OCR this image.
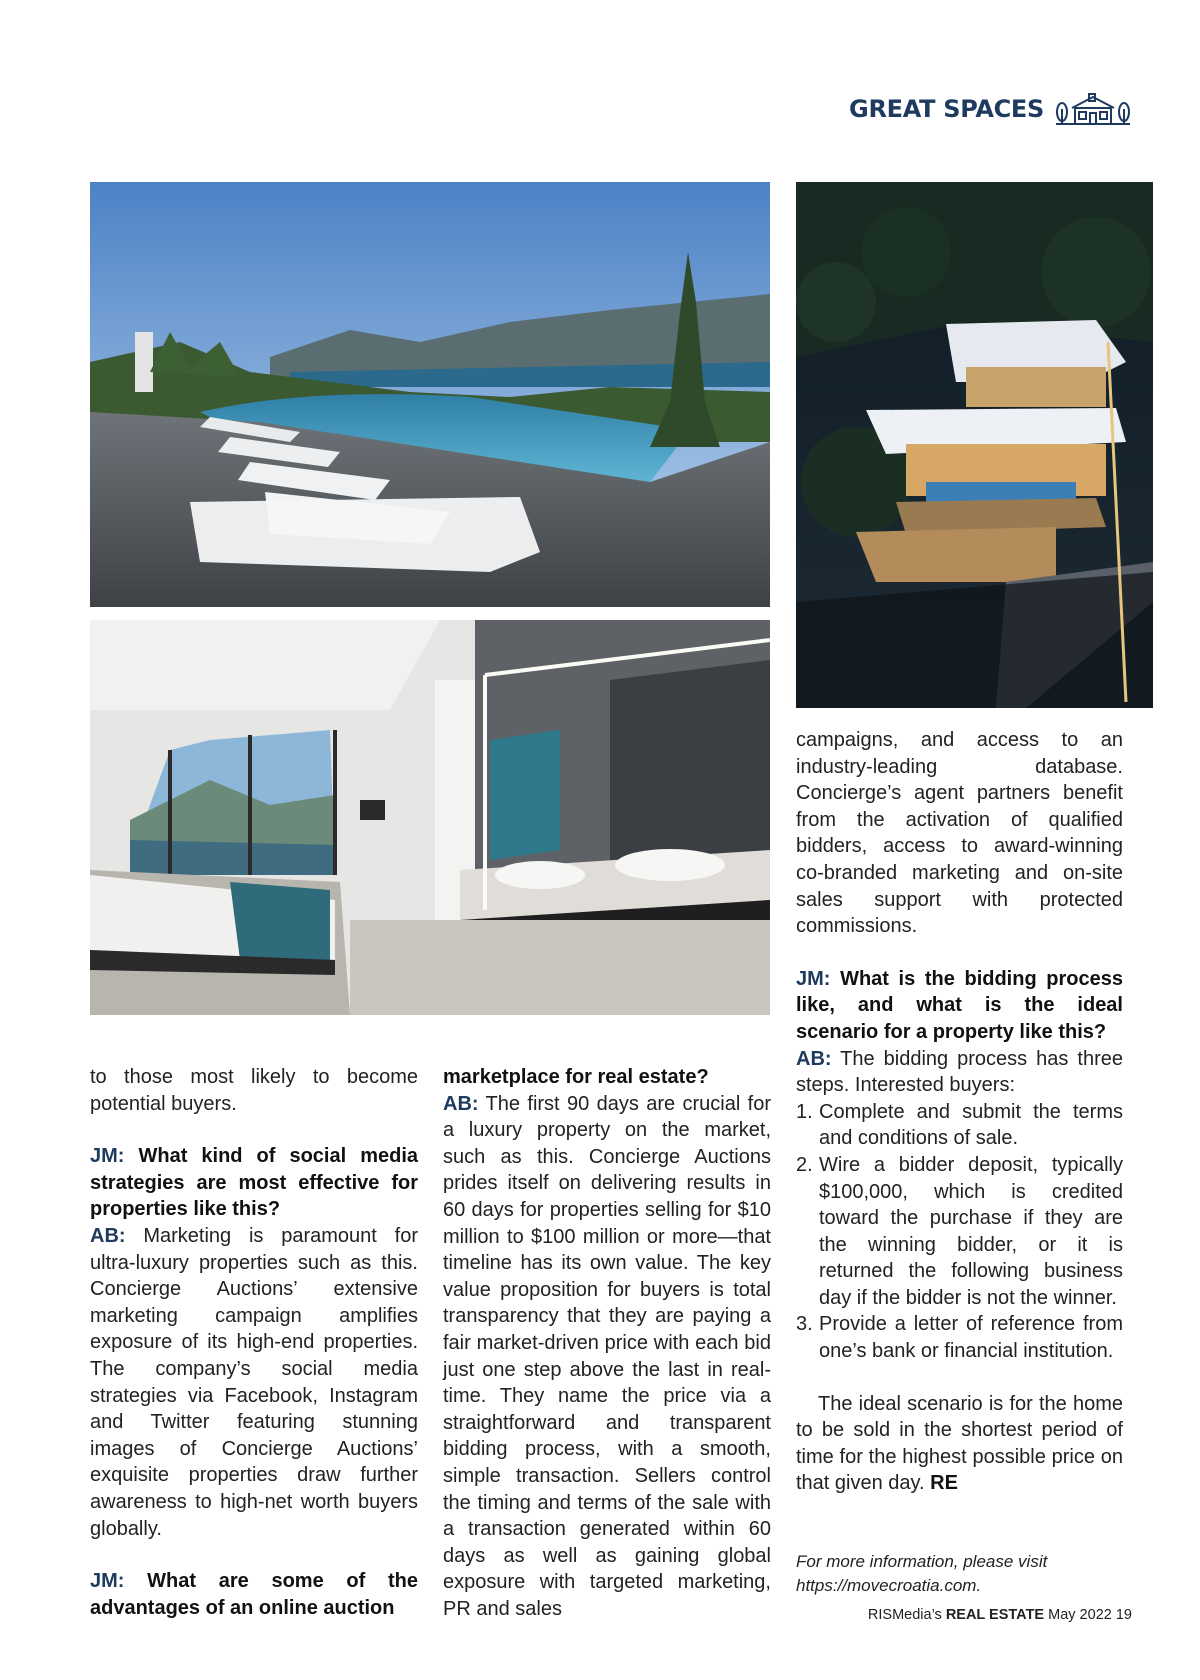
GREAT SPACES

to those most likely to become potential buyers.

JM: What kind of social media strategies are most effective for properties like this?

AB: Marketing is paramount for ultra-luxury properties such as this. Concierge Auctions’ extensive marketing campaign amplifies exposure of its high-end properties. The company’s social media strategies via Facebook, Instagram and Twitter featuring stunning images of Concierge Auctions’ exquisite properties draw further awareness to high-net worth buyers globally.

JM: What are some of the advantages of an online auction

marketplace for real estate?

AB: The first 90 days are crucial for a luxury property on the market, such as this. Concierge Auctions prides itself on delivering results in 60 days for properties selling for $10 million to $100 million or more—that timeline has its own value. The key value proposition for buyers is total transparency that they are paying a fair market-driven price with each bid just one step above the last in real-time. They name the price via a straightforward and transparent bidding process, with a smooth, simple transaction. Sellers control the timing and terms of the sale with a transaction generated within 60 days as well as gaining global exposure with targeted marketing, PR and sales

campaigns, and access to an industry-leading database. Concierge’s agent partners benefit from the activation of qualified bidders, access to award-winning co-branded marketing and on-site sales support with protected commissions.

JM: What is the bidding process like, and what is the ideal scenario for a property like this?

AB: The bidding process has three steps. Interested buyers:

1. Complete and submit the terms and conditions of sale.
2. Wire a bidder deposit, typically $100,000, which is credited toward the purchase if they are the winning bidder, or it is returned the following business day if the bidder is not the winner.
3. Provide a letter of reference from one’s bank or financial institution.

The ideal scenario is for the home to be sold in the shortest period of time for the highest possible price on that given day. RE

For more information, please visit
https://movecroatia.com.
RISMedia’s REAL ESTATE May 2022 19
